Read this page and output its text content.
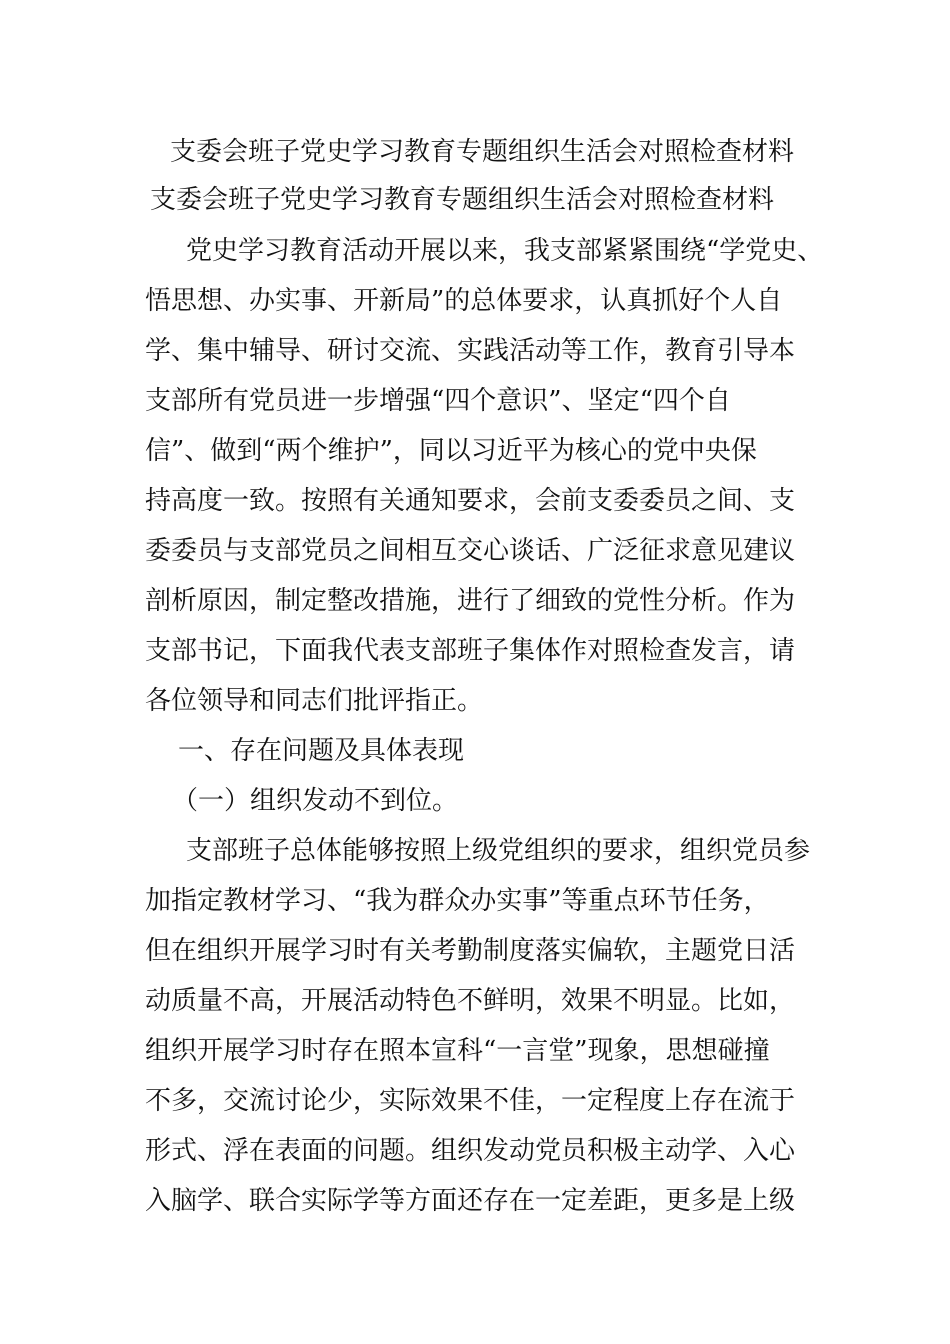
支委会班子党史学习教育专题组织生活会对照检查材料
支委会班子党史学习教育专题组织生活会对照检查材料
党史学习教育活动开展以来，我支部紧紧围绕“学党史、
悟思想、办实事、开新局”的总体要求，认真抓好个人自
学、集中辅导、研讨交流、实践活动等工作，教育引导本
支部所有党员进一步增强“四个意识”、坚定“四个自
信”、做到“两个维护”，同以习近平为核心的党中央保
持高度一致。按照有关通知要求，会前支委委员之间、支
委委员与支部党员之间相互交心谈话、广泛征求意见建议
剖析原因，制定整改措施，进行了细致的党性分析。作为
支部书记，下面我代表支部班子集体作对照检查发言，请
各位领导和同志们批评指正。
一、存在问题及具体表现
（一）组织发动不到位。
支部班子总体能够按照上级党组织的要求，组织党员参
加指定教材学习、“我为群众办实事”等重点环节任务，
但在组织开展学习时有关考勤制度落实偏软，主题党日活
动质量不高，开展活动特色不鲜明，效果不明显。比如，
组织开展学习时存在照本宣科“一言堂”现象，思想碰撞
不多，交流讨论少，实际效果不佳，一定程度上存在流于
形式、浮在表面的问题。组织发动党员积极主动学、入心
入脑学、联合实际学等方面还存在一定差距，更多是上级
